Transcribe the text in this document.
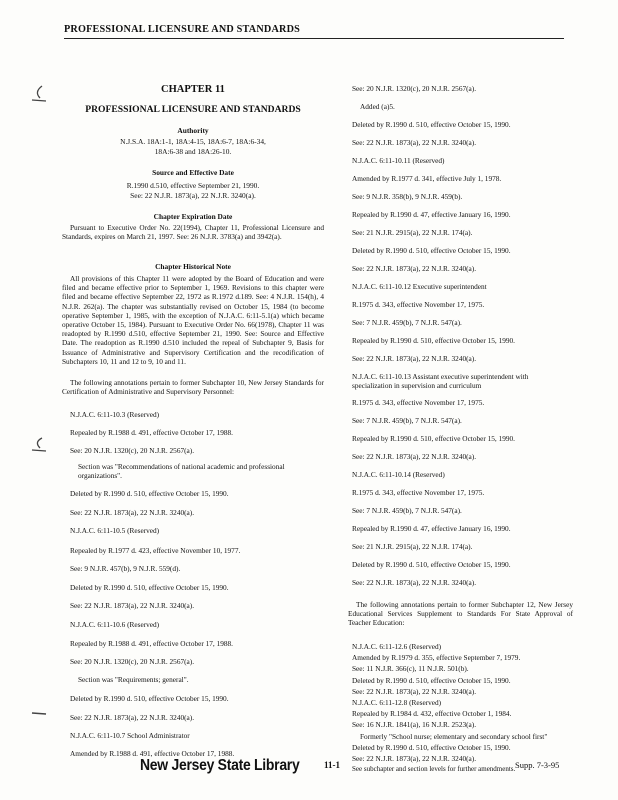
PROFESSIONAL LICENSURE AND STANDARDS
CHAPTER 11
PROFESSIONAL LICENSURE AND STANDARDS
Authority
N.J.S.A. 18A:1-1, 18A:4-15, 18A:6-7, 18A:6-34,
18A:6-38 and 18A:26-10.
Source and Effective Date
R.1990 d.510, effective September 21, 1990.
See: 22 N.J.R. 1873(a), 22 N.J.R. 3240(a).
Chapter Expiration Date
Pursuant to Executive Order No. 22(1994), Chapter 11, Professional Licensure and Standards, expires on March 21, 1997. See: 26 N.J.R. 3783(a) and 3942(a).
Chapter Historical Note
All provisions of this Chapter 11 were adopted by the Board of Education and were filed and became effective prior to September 1, 1969. Revisions to this chapter were filed and became effective September 22, 1972 as R.1972 d.189. See: 4 N.J.R. 154(h), 4 N.J.R. 262(a). The chapter was substantially revised on October 15, 1984 (to become operative September 1, 1985, with the exception of N.J.A.C. 6:11-5.1(a) which became operative October 15, 1984). Pursuant to Executive Order No. 66(1978), Chapter 11 was readopted by R.1990 d.510, effective September 21, 1990. See: Source and Effective Date. The readoption as R.1990 d.510 included the repeal of Subchapter 9, Basis for Issuance of Administrative and Supervisory Certification and the recodification of Subchapters 10, 11 and 12 to 9, 10 and 11.
The following annotations pertain to former Subchapter 10, New Jersey Standards for Certification of Administrative and Supervisory Personnel:
N.J.A.C. 6:11-10.3 (Reserved)
Repealed by R.1988 d. 491, effective October 17, 1988.
See: 20 N.J.R. 1320(c), 20 N.J.R. 2567(a).
Section was "Recommendations of national academic and professional organizations".
Deleted by R.1990 d. 510, effective October 15, 1990.
See: 22 N.J.R. 1873(a), 22 N.J.R. 3240(a).
N.J.A.C. 6:11-10.5 (Reserved)
Repealed by R.1977 d. 423, effective November 10, 1977.
See: 9 N.J.R. 457(b), 9 N.J.R. 559(d).
Deleted by R.1990 d. 510, effective October 15, 1990.
See: 22 N.J.R. 1873(a), 22 N.J.R. 3240(a).
N.J.A.C. 6:11-10.6 (Reserved)
Repealed by R.1988 d. 491, effective October 17, 1988.
See: 20 N.J.R. 1320(c), 20 N.J.R. 2567(a).
Section was "Requirements; general".
Deleted by R.1990 d. 510, effective October 15, 1990.
See: 22 N.J.R. 1873(a), 22 N.J.R. 3240(a).
N.J.A.C. 6:11-10.7 School Administrator
Amended by R.1988 d. 491, effective October 17, 1988.
See: 20 N.J.R. 1320(c), 20 N.J.R. 2567(a).
Added (a)5.
Deleted by R.1990 d. 510, effective October 15, 1990.
See: 22 N.J.R. 1873(a), 22 N.J.R. 3240(a).
N.J.A.C. 6:11-10.11 (Reserved)
Amended by R.1977 d. 341, effective July 1, 1978.
See: 9 N.J.R. 358(b), 9 N.J.R. 459(b).
Repealed by R.1990 d. 47, effective January 16, 1990.
See: 21 N.J.R. 2915(a), 22 N.J.R. 174(a).
Deleted by R.1990 d. 510, effective October 15, 1990.
See: 22 N.J.R. 1873(a), 22 N.J.R. 3240(a).
N.J.A.C. 6:11-10.12 Executive superintendent
R.1975 d. 343, effective November 17, 1975.
See: 7 N.J.R. 459(b), 7 N.J.R. 547(a).
Repealed by R.1990 d. 510, effective October 15, 1990.
See: 22 N.J.R. 1873(a), 22 N.J.R. 3240(a).
N.J.A.C. 6:11-10.13 Assistant executive superintendent with specialization in supervision and curriculum
R.1975 d. 343, effective November 17, 1975.
See: 7 N.J.R. 459(b), 7 N.J.R. 547(a).
Repealed by R.1990 d. 510, effective October 15, 1990.
See: 22 N.J.R. 1873(a), 22 N.J.R. 3240(a).
N.J.A.C. 6:11-10.14 (Reserved)
R.1975 d. 343, effective November 17, 1975.
See: 7 N.J.R. 459(b), 7 N.J.R. 547(a).
Repealed by R.1990 d. 47, effective January 16, 1990.
See: 21 N.J.R. 2915(a), 22 N.J.R. 174(a).
Deleted by R.1990 d. 510, effective October 15, 1990.
See: 22 N.J.R. 1873(a), 22 N.J.R. 3240(a).
The following annotations pertain to former Subchapter 12, New Jersey Educational Services Supplement to Standards For State Approval of Teacher Education:
N.J.A.C. 6:11-12.6 (Reserved)
Amended by R.1979 d. 355, effective September 7, 1979.
See: 11 N.J.R. 366(c), 11 N.J.R. 501(b).
Deleted by R.1990 d. 510, effective October 15, 1990.
See: 22 N.J.R. 1873(a), 22 N.J.R. 3240(a).
N.J.A.C. 6:11-12.8 (Reserved)
Repealed by R.1984 d. 432, effective October 1, 1984.
See: 16 N.J.R. 1841(a), 16 N.J.R. 2523(a).
Formerly "School nurse; elementary and secondary school first"
Deleted by R.1990 d. 510, effective October 15, 1990.
See: 22 N.J.R. 1873(a), 22 N.J.R. 3240(a).
See subchapter and section levels for further amendments.
New Jersey State Library	11-1	Supp. 7-3-95
